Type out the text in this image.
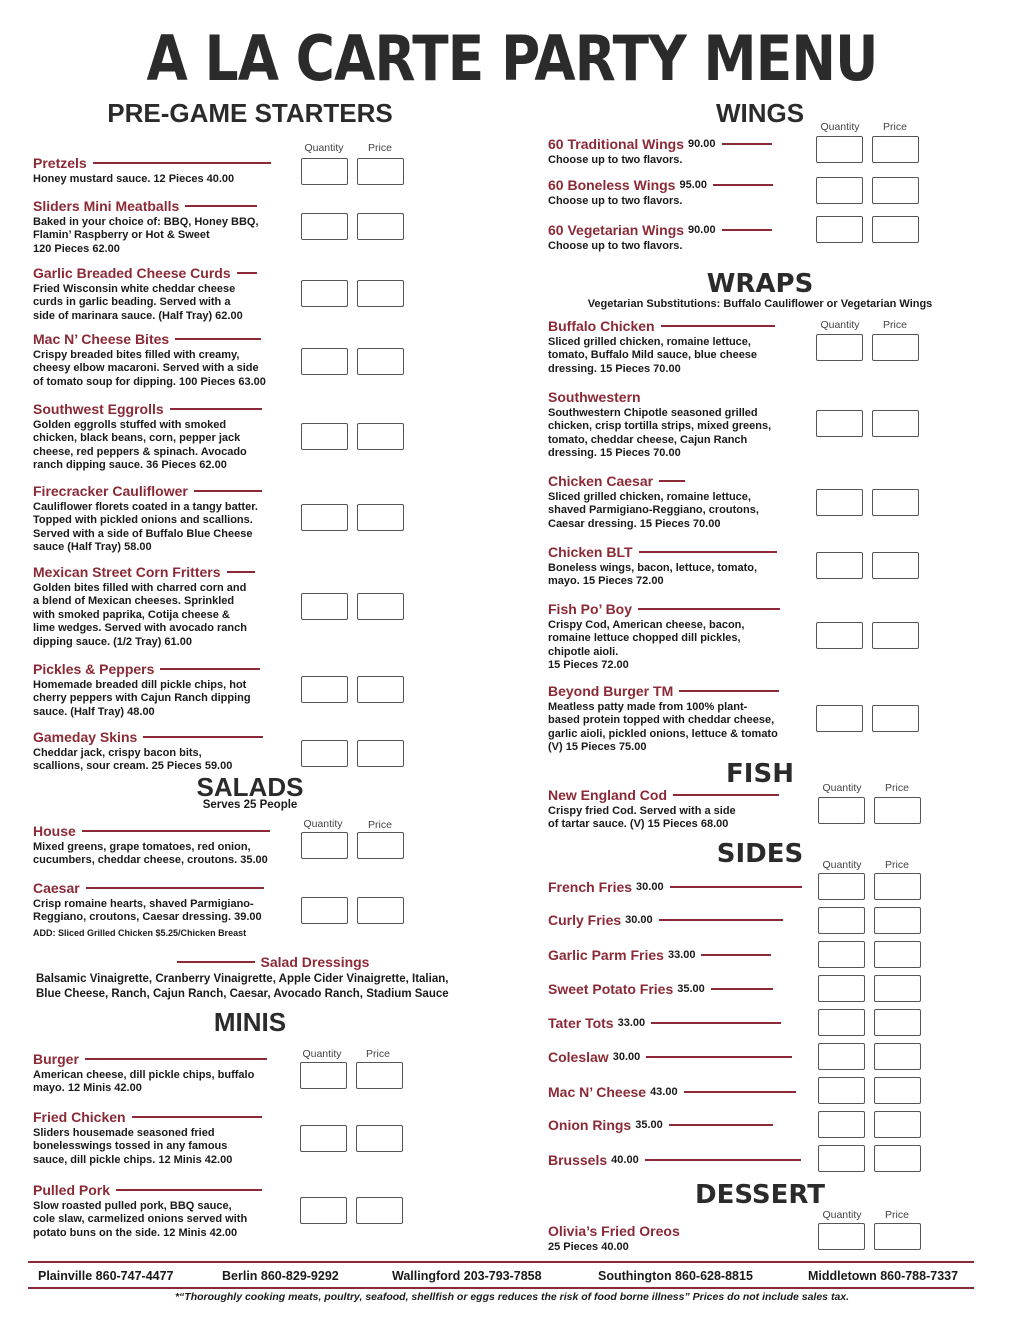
A LA CARTE PARTY MENU
PRE-GAME STARTERS
Quantity	Price
Pretzels
Honey mustard sauce. 12 Pieces 40.00
Sliders Mini Meatballs
Baked in your choice of: BBQ, Honey BBQ,
Flamin’ Raspberry or Hot & Sweet
120 Pieces 62.00
Garlic Breaded Cheese Curds
Fried Wisconsin white cheddar cheese
curds in garlic beading. Served with a
side of marinara sauce. (Half Tray) 62.00
Mac N’ Cheese Bites
Crispy breaded bites filled with creamy,
cheesy elbow macaroni. Served with a side
of tomato soup for dipping. 100 Pieces 63.00
Southwest Eggrolls
Golden eggrolls stuffed with smoked
chicken, black beans, corn, pepper jack
cheese, red peppers & spinach. Avocado
ranch dipping sauce. 36 Pieces 62.00
Firecracker Cauliflower
Cauliflower florets coated in a tangy batter.
Topped with pickled onions and scallions.
Served with a side of Buffalo Blue Cheese
sauce (Half Tray) 58.00
Mexican Street Corn Fritters
Golden bites filled with charred corn and
a blend of Mexican cheeses. Sprinkled
with smoked paprika, Cotija cheese &
lime wedges. Served with avocado ranch
dipping sauce. (1/2 Tray) 61.00
Pickles & Peppers
Homemade breaded dill pickle chips, hot
cherry peppers with Cajun Ranch dipping
sauce. (Half Tray) 48.00
Gameday Skins
Cheddar jack, crispy bacon bits,
scallions, sour cream. 25 Pieces 59.00
SALADS
Serves 25 People
Quantity	Price
House
Mixed greens, grape tomatoes, red onion,
cucumbers, cheddar cheese, croutons. 35.00
Caesar
Crisp romaine hearts, shaved Parmigiano-
Reggiano, croutons, Caesar dressing. 39.00
ADD: Sliced Grilled Chicken $5.25/Chicken Breast
Salad Dressings
Balsamic Vinaigrette, Cranberry Vinaigrette, Apple Cider Vinaigrette, Italian,
Blue Cheese, Ranch, Cajun Ranch, Caesar, Avocado Ranch, Stadium Sauce
MINIS
Quantity	Price
Burger
American cheese, dill pickle chips, buffalo
mayo. 12 Minis 42.00
Fried Chicken
Sliders housemade seasoned fried
bonelesswings tossed in any famous
sauce, dill pickle chips. 12 Minis 42.00
Pulled Pork
Slow roasted pulled pork, BBQ sauce,
cole slaw, carmelized onions served with
potato buns on the side. 12 Minis 42.00
WINGS	Quantity	Price
60 Traditional Wings 90.00
Choose up to two flavors.
60 Boneless Wings 95.00
Choose up to two flavors.
60 Vegetarian Wings 90.00
Choose up to two flavors.
WRAPS
Vegetarian Substitutions: Buffalo Cauliflower or Vegetarian Wings
Quantity	Price
Buffalo Chicken
Sliced grilled chicken, romaine lettuce,
tomato, Buffalo Mild sauce, blue cheese
dressing. 15 Pieces 70.00
Southwestern
Southwestern Chipotle seasoned grilled
chicken, crisp tortilla strips, mixed greens,
tomato, cheddar cheese, Cajun Ranch
dressing. 15 Pieces 70.00
Chicken Caesar
Sliced grilled chicken, romaine lettuce,
shaved Parmigiano-Reggiano, croutons,
Caesar dressing. 15 Pieces 70.00
Chicken BLT
Boneless wings, bacon, lettuce, tomato,
mayo. 15 Pieces 72.00
Fish Po’ Boy
Crispy Cod, American cheese, bacon,
romaine lettuce chopped dill pickles,
chipotle aioli.
15 Pieces 72.00
Beyond Burger TM
Meatless patty made from 100% plant-
based protein topped with cheddar cheese,
garlic aioli, pickled onions, lettuce & tomato
(V) 15 Pieces 75.00
FISH	Quantity	Price
New England Cod
Crispy fried Cod. Served with a side
of tartar sauce. (V) 15 Pieces 68.00
SIDES	Quantity	Price
French Fries 30.00
Curly Fries 30.00
Garlic Parm Fries 33.00
Sweet Potato Fries 35.00
Tater Tots 33.00
Coleslaw 30.00
Mac N’ Cheese 43.00
Onion Rings 35.00
Brussels 40.00
DESSERT
Quantity	Price
Olivia’s Fried Oreos
25 Pieces 40.00
Plainville 860-747-4477	Berlin 860-829-9292	Wallingford 203-793-7858	Southington 860-628-8815	Middletown 860-788-7337
*“Thoroughly cooking meats, poultry, seafood, shellfish or eggs reduces the risk of food borne illness” Prices do not include sales tax.
